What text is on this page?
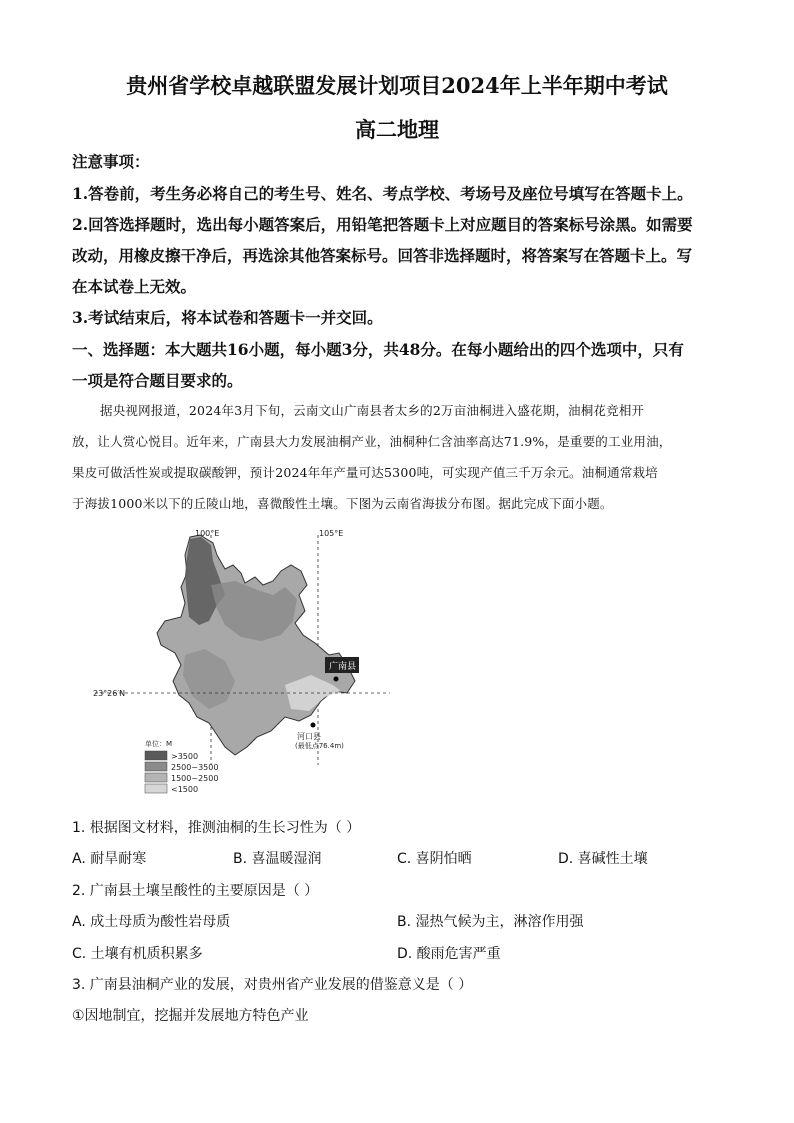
贵州省学校卓越联盟发展计划项目2024年上半年期中考试
高二地理
注意事项：
1.答卷前，考生务必将自己的考生号、姓名、考点学校、考场号及座位号填写在答题卡上。
2.回答选择题时，选出每小题答案后，用铅笔把答题卡上对应题目的答案标号涂黑。如需要
改动，用橡皮擦干净后，再选涂其他答案标号。回答非选择题时，将答案写在答题卡上。写
在本试卷上无效。
3.考试结束后，将本试卷和答题卡一并交回。
一、选择题：本大题共16小题，每小题3分，共48分。在每小题给出的四个选项中，只有
一项是符合题目要求的。
据央视网报道，2024年3月下旬，云南文山广南县者太乡的2万亩油桐进入盛花期，油桐花竞相开
放，让人赏心悦目。近年来，广南县大力发展油桐产业，油桐种仁含油率高达71.9%，是重要的工业用油，
果皮可做活性炭或提取碳酸钾，预计2024年年产量可达5300吨，可实现产值三千万余元。油桐通常栽培
于海拔1000米以下的丘陵山地，喜微酸性土壤。下图为云南省海拔分布图。据此完成下面小题。
100°E	105°E
23°26′N
卡瓦格博峰
(最高点6740m)
广南县
河口县
(最低点76.4m)
单位：M
>3500
2500~3500
1500~2500
<1500
1. 根据图文材料，推测油桐的生长习性为（ ）
A. 耐旱耐寒	B. 喜温暖湿润	C. 喜阴怕晒	D. 喜碱性土壤
2. 广南县土壤呈酸性的主要原因是（ ）
A. 成土母质为酸性岩母质	B. 湿热气候为主，淋溶作用强
C. 土壤有机质积累多	D. 酸雨危害严重
3. 广南县油桐产业的发展，对贵州省产业发展的借鉴意义是（ ）
①因地制宜，挖掘并发展地方特色产业
